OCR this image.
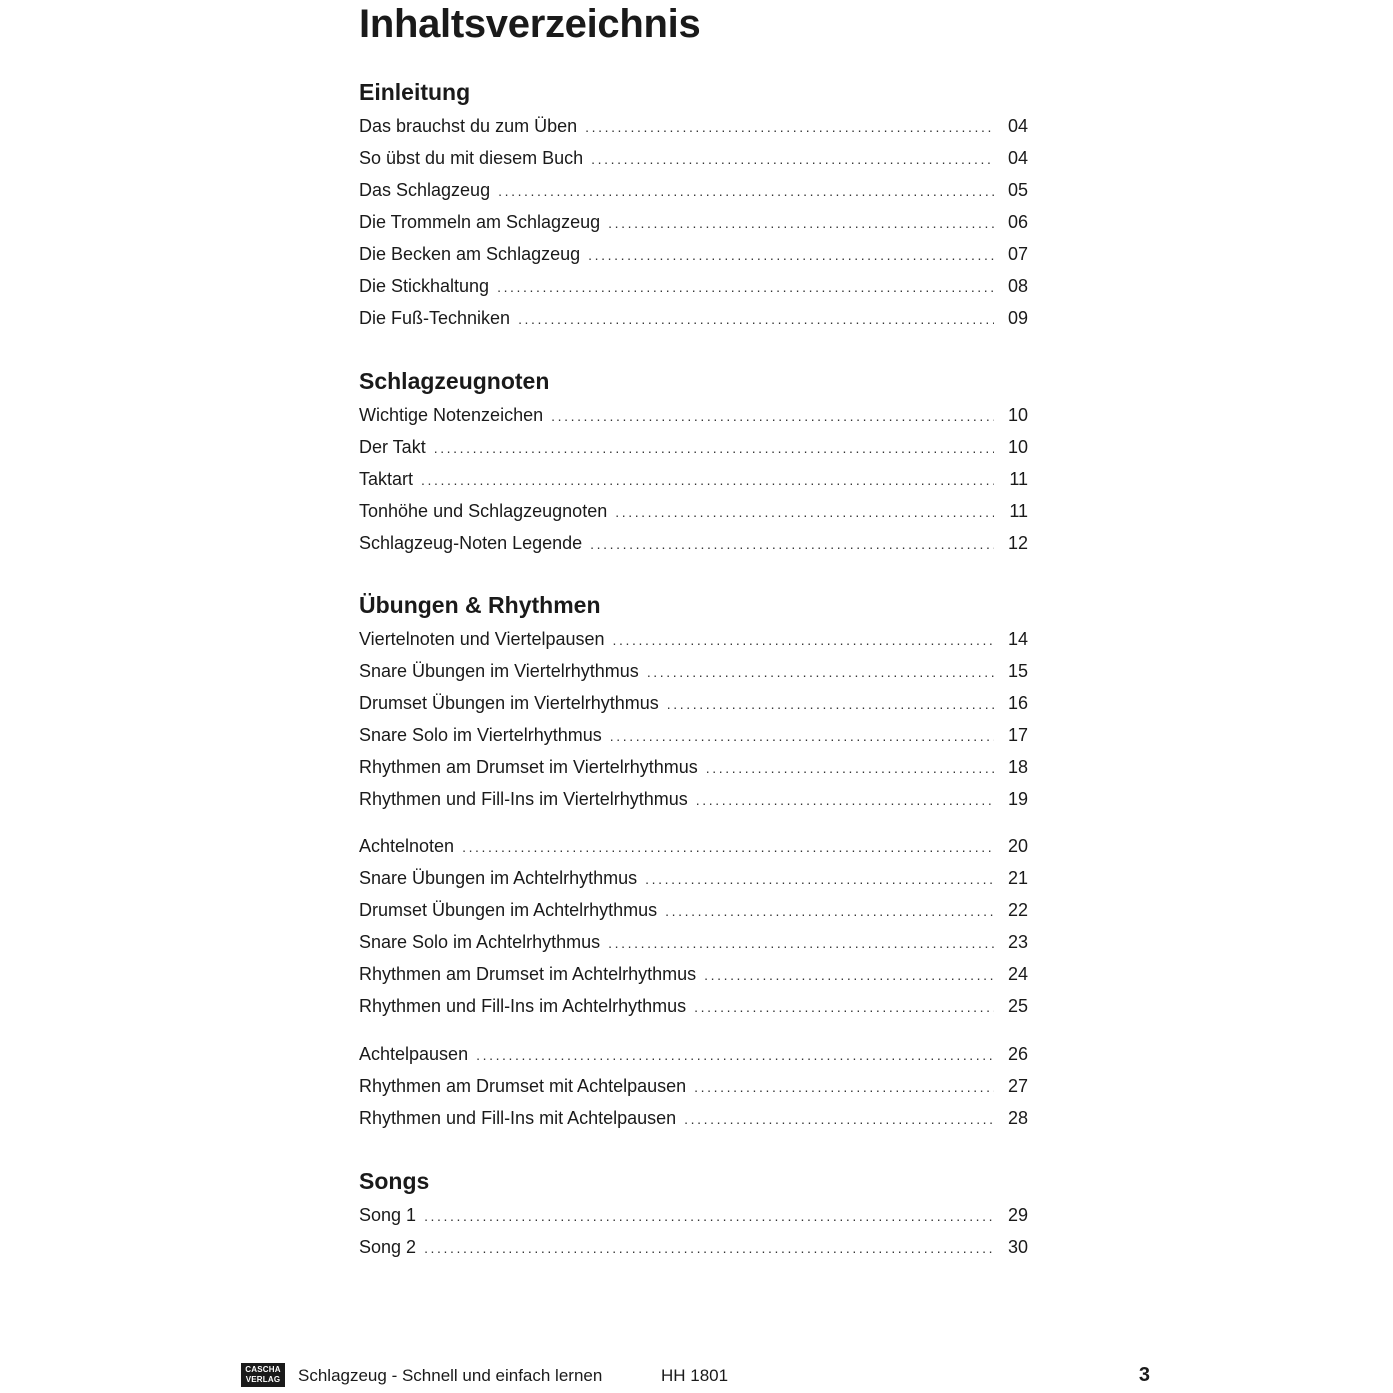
Inhaltsverzeichnis
Einleitung
Das brauchst du zum Üben .....	04
So übst du mit diesem Buch .....	04
Das Schlagzeug .....	05
Die Trommeln am Schlagzeug .....	06
Die Becken am Schlagzeug .....	07
Die Stickhaltung .....	08
Die Fuß-Techniken .....	09
Schlagzeugnoten
Wichtige Notenzeichen .....	10
Der Takt .....	10
Taktart .....	11
Tonhöhe und Schlagzeugnoten .....	11
Schlagzeug-Noten Legende .....	12
Übungen & Rhythmen
Viertelnoten und Viertelpausen .....	14
Snare Übungen im Viertelrhythmus .....	15
Drumset Übungen im Viertelrhythmus .....	16
Snare Solo im Viertelrhythmus .....	17
Rhythmen am Drumset im Viertelrhythmus .....	18
Rhythmen und Fill-Ins im Viertelrhythmus .....	19
Achtelnoten .....	20
Snare Übungen im Achtelrhythmus .....	21
Drumset Übungen im Achtelrhythmus .....	22
Snare Solo im Achtelrhythmus .....	23
Rhythmen am Drumset im Achtelrhythmus .....	24
Rhythmen und Fill-Ins im Achtelrhythmus .....	25
Achtelpausen .....	26
Rhythmen am Drumset mit Achtelpausen .....	27
Rhythmen und Fill-Ins mit Achtelpausen .....	28
Songs
Song 1 .....	29
Song 2 .....	30
CASCHA
VERLAG Schlagzeug - Schnell und einfach lernen	HH 1801	3
